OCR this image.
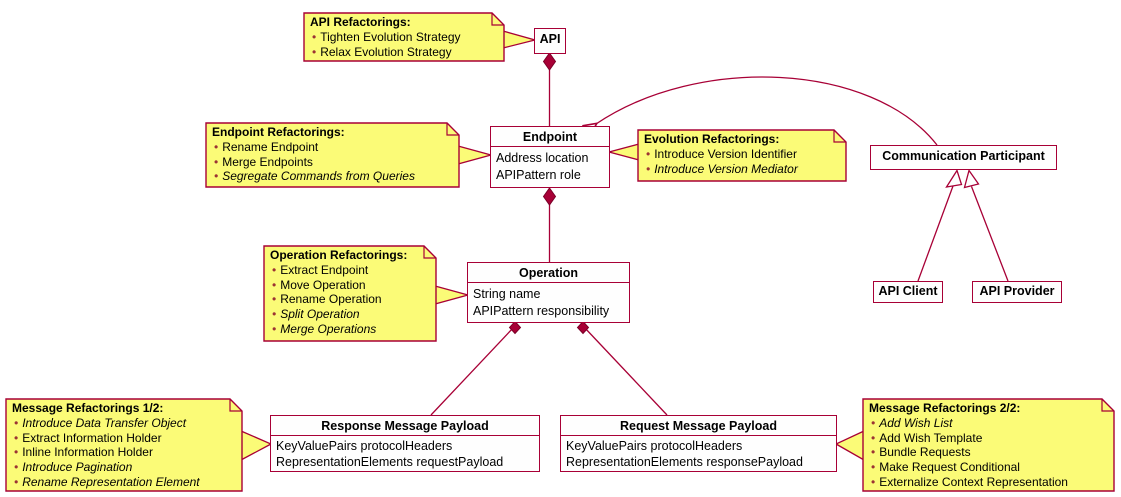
API
Endpoint
Address location
APIPattern role
Communication Participant
Operation
String name
APIPattern responsibility
API Client	API Provider
Response Message Payload
KeyValuePairs protocolHeaders
RepresentationElements requestPayload
Request Message Payload
KeyValuePairs protocolHeaders
RepresentationElements responsePayload
API Refactorings:
• Tighten Evolution Strategy
• Relax Evolution Strategy
Endpoint Refactorings:
• Rename Endpoint
• Merge Endpoints
• Segregate Commands from Queries
Evolution Refactorings:
• Introduce Version Identifier
• Introduce Version Mediator
Operation Refactorings:
• Extract Endpoint
• Move Operation
• Rename Operation
• Split Operation
• Merge Operations
Message Refactorings 1/2:
• Introduce Data Transfer Object
• Extract Information Holder
• Inline Information Holder
• Introduce Pagination
• Rename Representation Element
Message Refactorings 2/2:
• Add Wish List
• Add Wish Template
• Bundle Requests
• Make Request Conditional
• Externalize Context Representation
